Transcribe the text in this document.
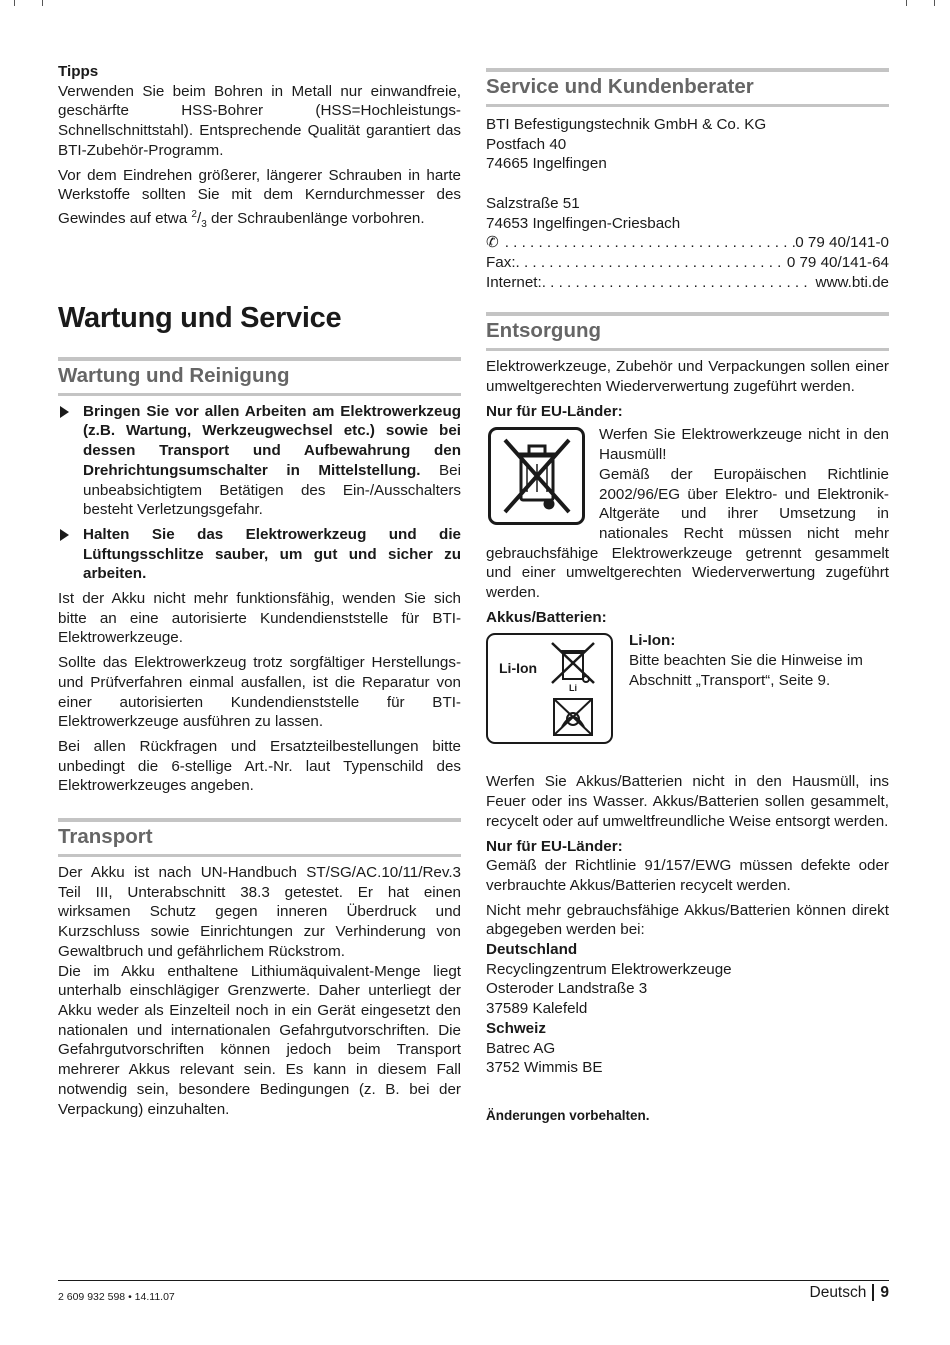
Tipps

Verwenden Sie beim Bohren in Metall nur einwandfreie, geschärfte HSS-Bohrer (HSS=Hochleistungs-Schnellschnittstahl). Entsprechende Qualität garantiert das BTI-Zubehör-Programm.

Vor dem Eindrehen größerer, längerer Schrauben in harte Werkstoffe sollten Sie mit dem Kerndurchmesser des Gewindes auf etwa $^2/_3$ der Schraubenlänge vorbohren.

Wartung und Service
Wartung und Reinigung
Bringen Sie vor allen Arbeiten am Elektrowerkzeug (z.B. Wartung, Werkzeugwechsel etc.) sowie bei dessen Transport und Aufbewahrung den Drehrichtungsumschalter in Mittelstellung. Bei unbeabsichtigtem Betätigen des Ein-/Ausschalters besteht Verletzungsgefahr.
Halten Sie das Elektrowerkzeug und die Lüftungsschlitze sauber, um gut und sicher zu arbeiten.

Ist der Akku nicht mehr funktionsfähig, wenden Sie sich bitte an eine autorisierte Kundendienststelle für BTI-Elektrowerkzeuge.

Sollte das Elektrowerkzeug trotz sorgfältiger Herstellungs- und Prüfverfahren einmal ausfallen, ist die Reparatur von einer autorisierten Kundendienststelle für BTI-Elektrowerkzeuge ausführen zu lassen.

Bei allen Rückfragen und Ersatzteilbestellungen bitte unbedingt die 6-stellige Art.-Nr. laut Typenschild des Elektrowerkzeuges angeben.

Transport

Der Akku ist nach UN-Handbuch ST/SG/AC.10/11/Rev.3 Teil III, Unterabschnitt 38.3 getestet. Er hat einen wirksamen Schutz gegen inneren Überdruck und Kurzschluss sowie Einrichtungen zur Verhinderung von Gewaltbruch und gefährlichem Rückstrom.

Die im Akku enthaltene Lithiumäquivalent-Menge liegt unterhalb einschlägiger Grenzwerte. Daher unterliegt der Akku weder als Einzelteil noch in ein Gerät eingesetzt den nationalen und internationalen Gefahrgutvorschriften. Die Gefahrgutvorschriften können jedoch beim Transport mehrerer Akkus relevant sein. Es kann in diesem Fall notwendig sein, besondere Bedingungen (z. B. bei der Verpackung) einzuhalten.

Service und Kundenberater

BTI Befestigungstechnik GmbH & Co. KG

Postfach 40

74665 Ingelfingen

Salzstraße 51

74653 Ingelfingen-Criesbach

✆ . . .	0 79 40/141-0
Fax: . . .	0 79 40/141-64
Internet: . . .	www.bti.de
Entsorgung

Elektrowerkzeuge, Zubehör und Verpackungen sollen einer umweltgerechten Wiederverwertung zugeführt werden.

Nur für EU-Länder:

Werfen Sie Elektrowerkzeuge nicht in den Hausmüll!

Gemäß der Europäischen Richtlinie 2002/96/EG über Elektro- und Elektronik-Altgeräte und ihrer Umsetzung in nationales Recht müssen nicht mehr gebrauchsfähige Elektrowerkzeuge getrennt gesammelt und einer umweltgerechten Wiederverwertung zugeführt werden.

Akkus/Batterien:

Li-Ion
Li

Li-Ion:

Bitte beachten Sie die Hinweise im Abschnitt „Transport“, Seite 9.

Werfen Sie Akkus/Batterien nicht in den Hausmüll, ins Feuer oder ins Wasser. Akkus/Batterien sollen gesammelt, recycelt oder auf umweltfreundliche Weise entsorgt werden.

Nur für EU-Länder:

Gemäß der Richtlinie 91/157/EWG müssen defekte oder verbrauchte Akkus/Batterien recycelt werden.

Nicht mehr gebrauchsfähige Akkus/Batterien können direkt abgegeben werden bei:

Deutschland

Recyclingzentrum Elektrowerkzeuge

Osteroder Landstraße 3

37589 Kalefeld

Schweiz

Batrec AG

3752 Wimmis BE

Änderungen vorbehalten.

2 609 932 598 • 14.11.07	Deutsch 9
